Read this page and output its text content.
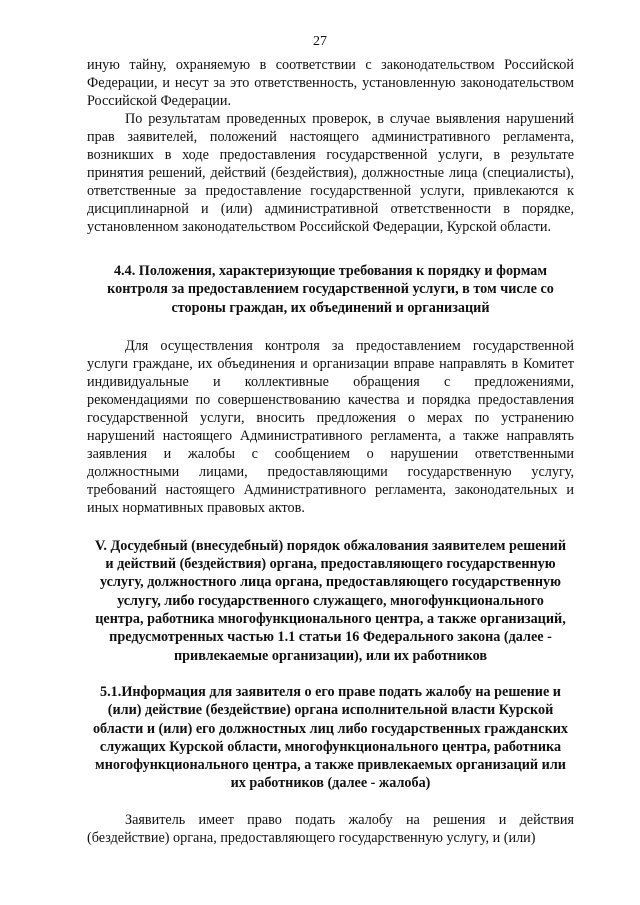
27

иную тайну, охраняемую в соответствии с законодательством Российской Федерации, и несут за это ответственность, установленную законодательством Российской Федерации.

По результатам проведенных проверок, в случае выявления нарушений прав заявителей, положений настоящего административного регламента, возникших в ходе предоставления государственной услуги, в результате принятия решений, действий (бездействия), должностные лица (специалисты), ответственные за предоставление государственной услуги, привлекаются к дисциплинарной и (или) административной ответственности в порядке, установленном законодательством Российской Федерации, Курской области.

4.4. Положения, характеризующие требования к порядку и формам контроля за предоставлением государственной услуги, в том числе со стороны граждан, их объединений и организаций

Для осуществления контроля за предоставлением государственной услуги граждане, их объединения и организации вправе направлять в Комитет индивидуальные и коллективные обращения с предложениями, рекомендациями по совершенствованию качества и порядка предоставления государственной услуги, вносить предложения о мерах по устранению нарушений настоящего Административного регламента, а также направлять заявления и жалобы с сообщением о нарушении ответственными должностными лицами, предоставляющими государственную услугу, требований настоящего Административного регламента, законодательных и иных нормативных правовых актов.

V. Досудебный (внесудебный) порядок обжалования заявителем решений и действий (бездействия) органа, предоставляющего государственную услугу, должностного лица органа, предоставляющего государственную услугу, либо государственного служащего, многофункционального центра, работника многофункционального центра, а также организаций, предусмотренных частью 1.1 статьи 16 Федерального закона (далее - привлекаемые организации), или их работников

5.1.Информация для заявителя о его праве подать жалобу на решение и (или) действие (бездействие) органа исполнительной власти Курской области и (или) его должностных лиц либо государственных гражданских служащих Курской области, многофункционального центра, работника многофункционального центра, а также привлекаемых организаций или их работников (далее - жалоба)

Заявитель имеет право подать жалобу на решения и действия (бездействие) органа, предоставляющего государственную услугу, и (или)
